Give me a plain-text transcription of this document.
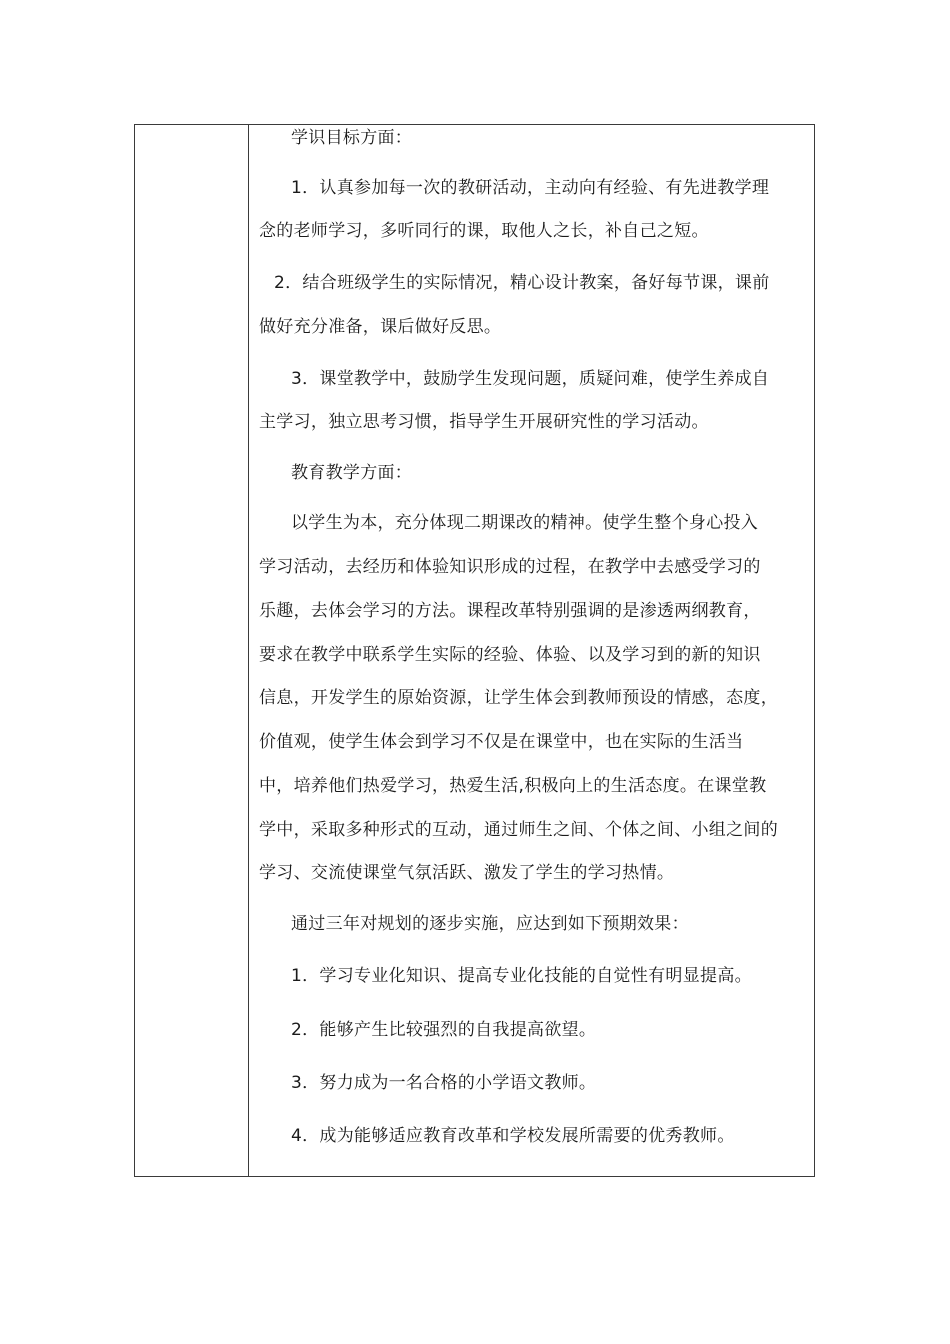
学识目标方面：
1．认真参加每一次的教研活动，主动向有经验、有先进教学理
念的老师学习，多听同行的课，取他人之长，补自己之短。
2．结合班级学生的实际情况，精心设计教案，备好每节课，课前
做好充分准备，课后做好反思。
3．课堂教学中，鼓励学生发现问题，质疑问难，使学生养成自
主学习，独立思考习惯，指导学生开展研究性的学习活动。
教育教学方面：
以学生为本，充分体现二期课改的精神。使学生整个身心投入
学习活动，去经历和体验知识形成的过程，在教学中去感受学习的
乐趣，去体会学习的方法。课程改革特别强调的是渗透两纲教育，
要求在教学中联系学生实际的经验、体验、以及学习到的新的知识
信息，开发学生的原始资源，让学生体会到教师预设的情感，态度，
价值观，使学生体会到学习不仅是在课堂中，也在实际的生活当
中，培养他们热爱学习，热爱生活,积极向上的生活态度。在课堂教
学中，采取多种形式的互动，通过师生之间、个体之间、小组之间的
学习、交流使课堂气氛活跃、激发了学生的学习热情。
通过三年对规划的逐步实施，应达到如下预期效果：
1．学习专业化知识、提高专业化技能的自觉性有明显提高。
2．能够产生比较强烈的自我提高欲望。
3．努力成为一名合格的小学语文教师。
4．成为能够适应教育改革和学校发展所需要的优秀教师。
